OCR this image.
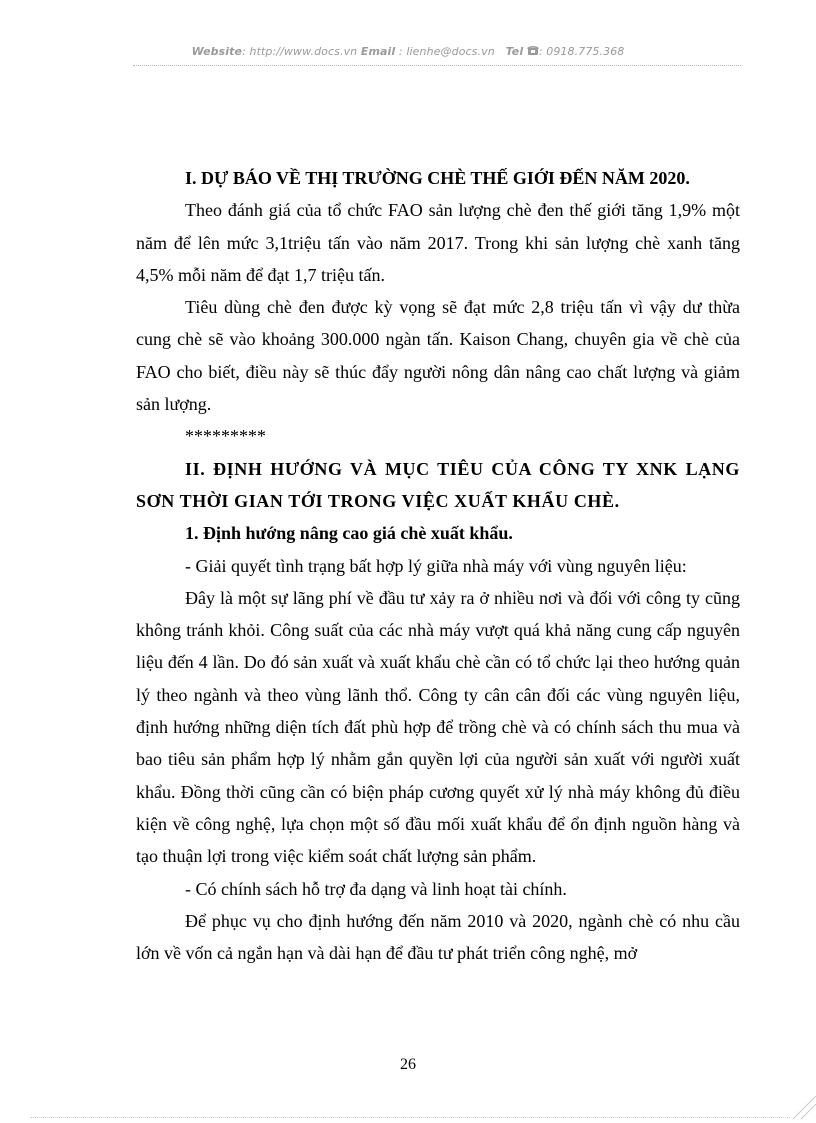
Website: http://www.docs.vn Email : lienhe@docs.vn Tel : 0918.775.368

I. DỰ BÁO VỀ THỊ TRƯỜNG CHÈ THẾ GIỚI ĐẾN NĂM 2020.

Theo đánh giá của tổ chức FAO sản lượng chè đen thế giới tăng 1,9% một năm để lên mức 3,1triệu tấn vào năm 2017. Trong khi sản lượng chè xanh tăng 4,5% mỗi năm để đạt 1,7 triệu tấn.

Tiêu dùng chè đen được kỳ vọng sẽ đạt mức 2,8 triệu tấn vì vậy dư thừa cung chè sẽ vào khoảng 300.000 ngàn tấn. Kaison Chang, chuyên gia về chè của FAO cho biết, điều này sẽ thúc đẩy người nông dân nâng cao chất lượng và giảm sản lượng.

*********

II. ĐỊNH HƯỚNG VÀ MỤC TIÊU CỦA CÔNG TY XNK LẠNG SƠN THỜI GIAN TỚI TRONG VIỆC XUẤT KHẨU CHÈ.

1. Định hướng nâng cao giá chè xuất khẩu.

- Giải quyết tình trạng bất hợp lý giữa nhà máy với vùng nguyên liệu:

Đây là một sự lãng phí về đầu tư xảy ra ở nhiều nơi và đối với công ty cũng không tránh khỏi. Công suất của các nhà máy vượt quá khả năng cung cấp nguyên liệu đến 4 lần. Do đó sản xuất và xuất khẩu chè cần có tổ chức lại theo hướng quản lý theo ngành và theo vùng lãnh thổ. Công ty cân cân đối các vùng nguyên liệu, định hướng những diện tích đất phù hợp để trồng chè và có chính sách thu mua và bao tiêu sản phẩm hợp lý nhằm gắn quyền lợi của người sản xuất với người xuất khẩu. Đồng thời cũng cần có biện pháp cương quyết xử lý nhà máy không đủ điều kiện về công nghệ, lựa chọn một số đầu mối xuất khẩu để ổn định nguồn hàng và tạo thuận lợi trong việc kiểm soát chất lượng sản phẩm.

- Có chính sách hỗ trợ đa dạng và linh hoạt tài chính.

Để phục vụ cho định hướng đến năm 2010 và 2020, ngành chè có nhu cầu lớn về vốn cả ngắn hạn và dài hạn để đầu tư phát triển công nghệ, mở

26
